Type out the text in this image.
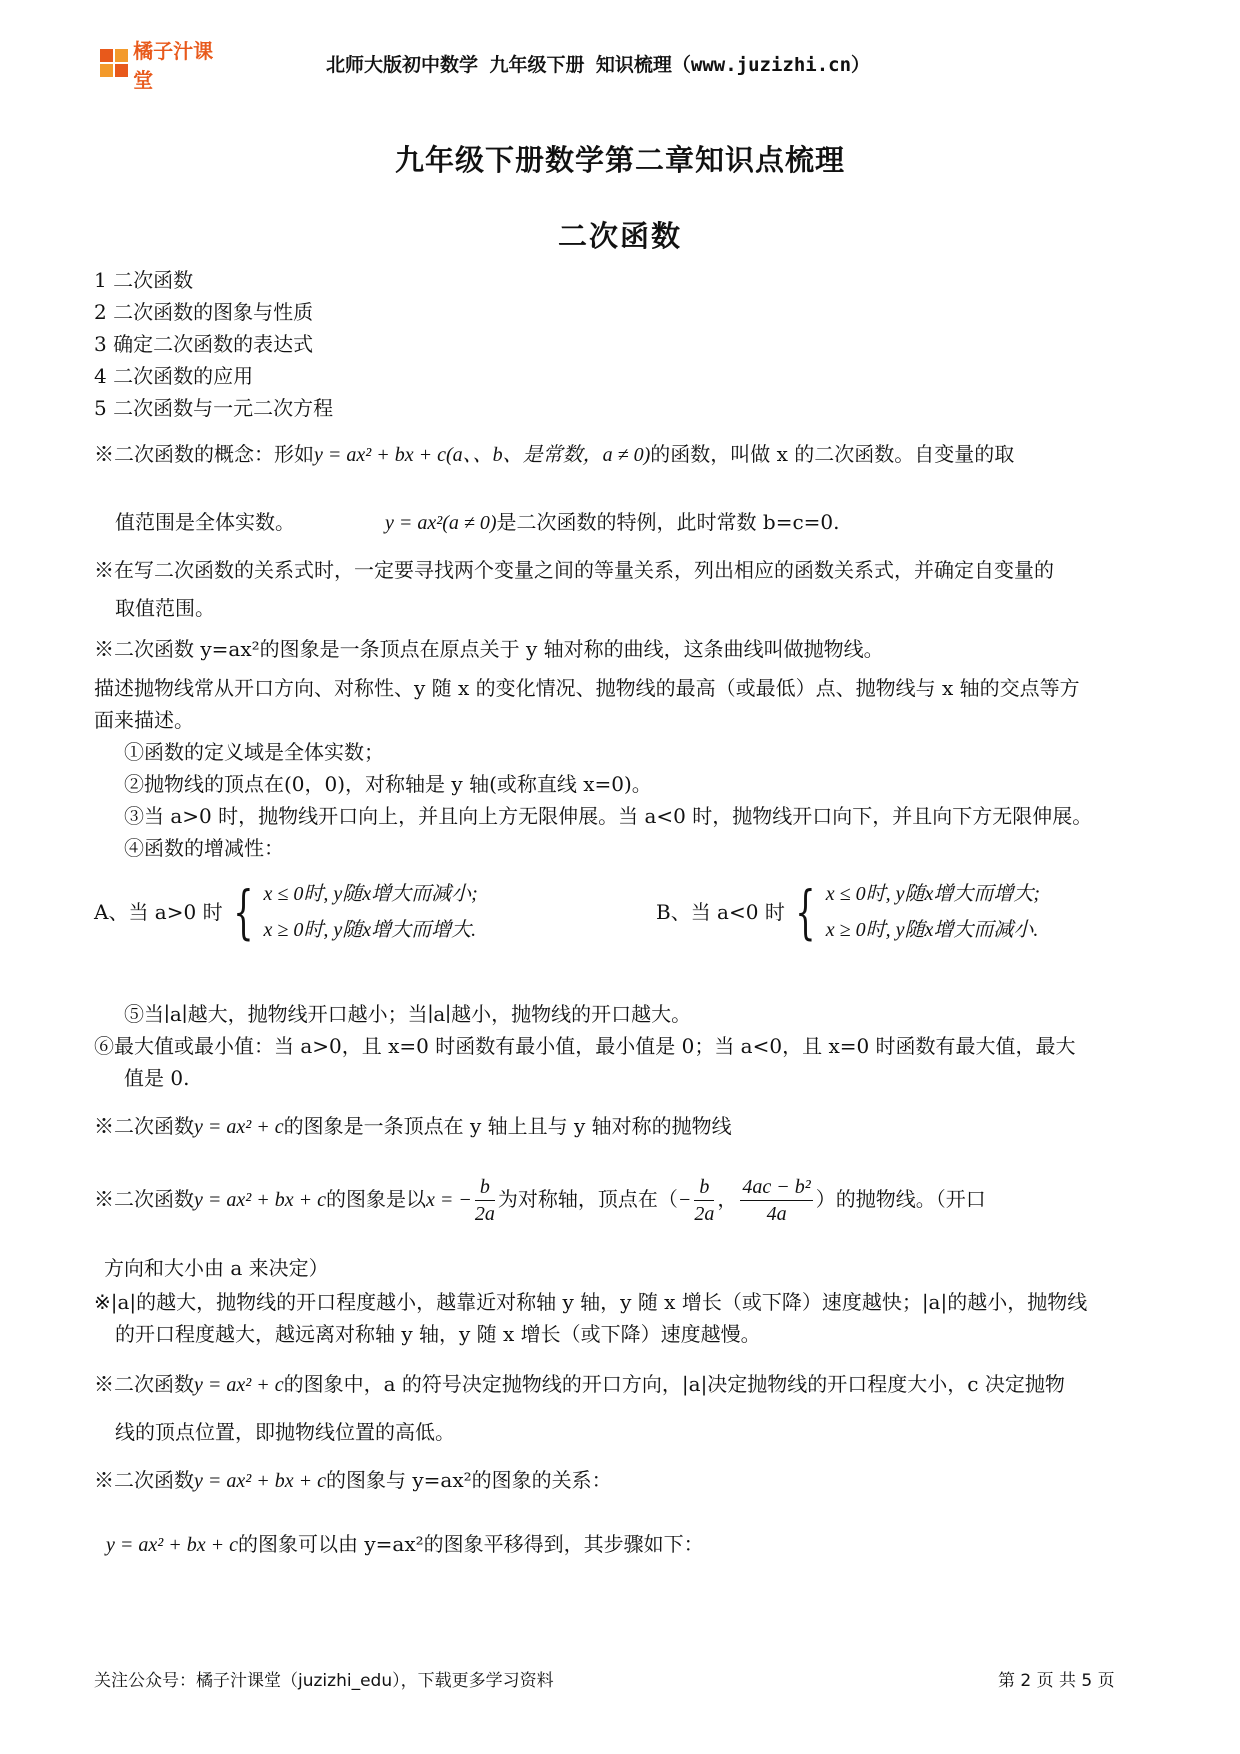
橘子汁课堂
北师大版初中数学 九年级下册 知识梳理（www.juzizhi.cn）
九年级下册数学第二章知识点梳理
二次函数
1 二次函数
2 二次函数的图象与性质
3 确定二次函数的表达式
4 二次函数的应用
5 二次函数与一元二次方程
※二次函数的概念：形如y = ax² + bx + c(a、、b、是常数，a ≠ 0)的函数，叫做 x 的二次函数。自变量的取
值范围是全体实数。	y = ax²(a ≠ 0)是二次函数的特例，此时常数 b=c=0.
※在写二次函数的关系式时，一定要寻找两个变量之间的等量关系，列出相应的函数关系式，并确定自变量的
取值范围。
※二次函数 y=ax²的图象是一条顶点在原点关于 y 轴对称的曲线，这条曲线叫做抛物线。
描述抛物线常从开口方向、对称性、y 随 x 的变化情况、抛物线的最高（或最低）点、抛物线与 x 轴的交点等方
面来描述。
①函数的定义域是全体实数；
②抛物线的顶点在(0，0)，对称轴是 y 轴(或称直线 x=0)。
③当 a>0 时，抛物线开口向上，并且向上方无限伸展。当 a<0 时，抛物线开口向下，并且向下方无限伸展。
④函数的增减性：
A、当 a>0 时 { x ≤ 0时, y随x增大而减小;
x ≥ 0时, y随x增大而增大.
B、当 a<0 时 { x ≤ 0时, y随x增大而增大;
x ≥ 0时, y随x增大而减小.
⑤当∣a∣越大，抛物线开口越小；当∣a∣越小，抛物线的开口越大。
⑥最大值或最小值：当 a>0，且 x=0 时函数有最小值，最小值是 0；当 a<0，且 x=0 时函数有最大值，最大
值是 0.
※二次函数y = ax² + c的图象是一条顶点在 y 轴上且与 y 轴对称的抛物线
※二次函数y = ax² + bx + c的图象是以x = − $\frac{b}{2a}$ 为对称轴，顶点在（− $\frac{b}{2a}$ ， $\frac{\text{4ac − b²}}{4a}$ ）的抛物线。（开口
方向和大小由 a 来决定）
※|a|的越大，抛物线的开口程度越小，越靠近对称轴 y 轴，y 随 x 增长（或下降）速度越快；|a|的越小，抛物线
的开口程度越大，越远离对称轴 y 轴，y 随 x 增长（或下降）速度越慢。
※二次函数y = ax² + c的图象中，a 的符号决定抛物线的开口方向，|a|决定抛物线的开口程度大小，c 决定抛物
线的顶点位置，即抛物线位置的高低。
※二次函数y = ax² + bx + c的图象与 y=ax²的图象的关系：
y = ax² + bx + c的图象可以由 y=ax²的图象平移得到，其步骤如下：
关注公众号：橘子汁课堂（juzizhi_edu），下载更多学习资料	第 2 页 共 5 页
